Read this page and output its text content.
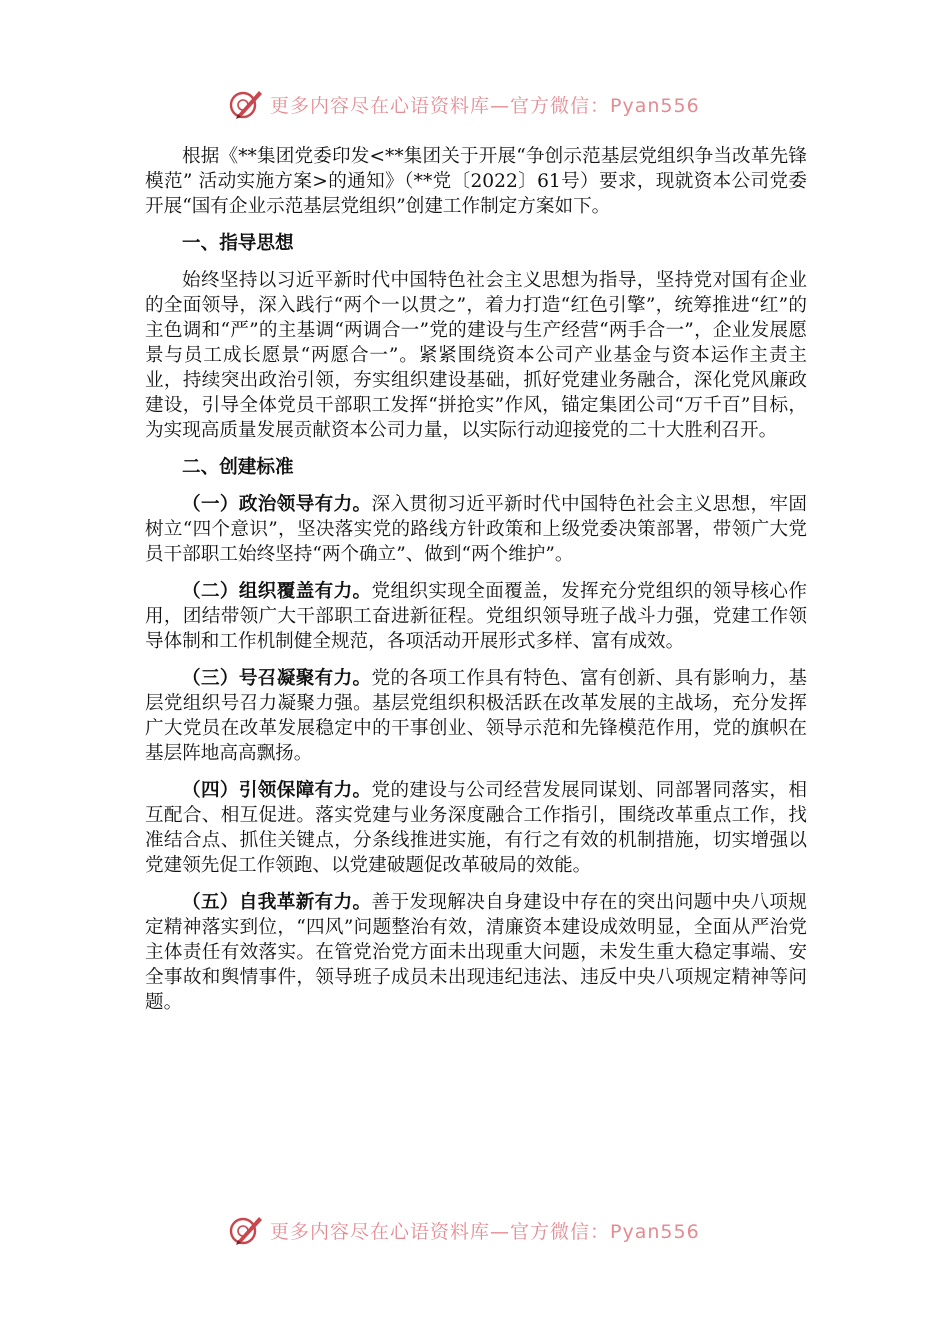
更多内容尽在心语资料库—官方微信：Pyan556

根据《**集团党委印发<**集团关于开展“争创示范基层党组织争当改革先锋模范” 活动实施方案>的通知》（**党〔2022〕61号）要求，现就资本公司党委开展“国有企业示范基层党组织”创建工作制定方案如下。

一、指导思想

始终坚持以习近平新时代中国特色社会主义思想为指导，坚持党对国有企业的全面领导，深入践行“两个一以贯之”，着力打造“红色引擎”，统筹推进“红”的主色调和“严”的主基调“两调合一”党的建设与生产经营“两手合一”，企业发展愿景与员工成长愿景“两愿合一”。紧紧围绕资本公司产业基金与资本运作主责主业，持续突出政治引领，夯实组织建设基础，抓好党建业务融合，深化党风廉政建设，引导全体党员干部职工发挥“拼抢实”作风，锚定集团公司“万千百”目标，为实现高质量发展贡献资本公司力量，以实际行动迎接党的二十大胜利召开。

二、创建标准

（一）政治领导有力。深入贯彻习近平新时代中国特色社会主义思想，牢固树立“四个意识”，坚决落实党的路线方针政策和上级党委决策部署，带领广大党员干部职工始终坚持“两个确立”、做到“两个维护”。

（二）组织覆盖有力。党组织实现全面覆盖，发挥充分党组织的领导核心作用，团结带领广大干部职工奋进新征程。党组织领导班子战斗力强，党建工作领导体制和工作机制健全规范，各项活动开展形式多样、富有成效。

（三）号召凝聚有力。党的各项工作具有特色、富有创新、具有影响力，基层党组织号召力凝聚力强。基层党组织积极活跃在改革发展的主战场，充分发挥广大党员在改革发展稳定中的干事创业、领导示范和先锋模范作用，党的旗帜在基层阵地高高飘扬。

（四）引领保障有力。党的建设与公司经营发展同谋划、同部署同落实，相互配合、相互促进。落实党建与业务深度融合工作指引，围绕改革重点工作，找准结合点、抓住关键点，分条线推进实施，有行之有效的机制措施，切实增强以党建领先促工作领跑、以党建破题促改革破局的效能。

（五）自我革新有力。善于发现解决自身建设中存在的突出问题中央八项规定精神落实到位，“四风”问题整治有效，清廉资本建设成效明显，全面从严治党主体责任有效落实。在管党治党方面未出现重大问题，未发生重大稳定事端、安全事故和舆情事件，领导班子成员未出现违纪违法、违反中央八项规定精神等问题。

更多内容尽在心语资料库—官方微信：Pyan556
